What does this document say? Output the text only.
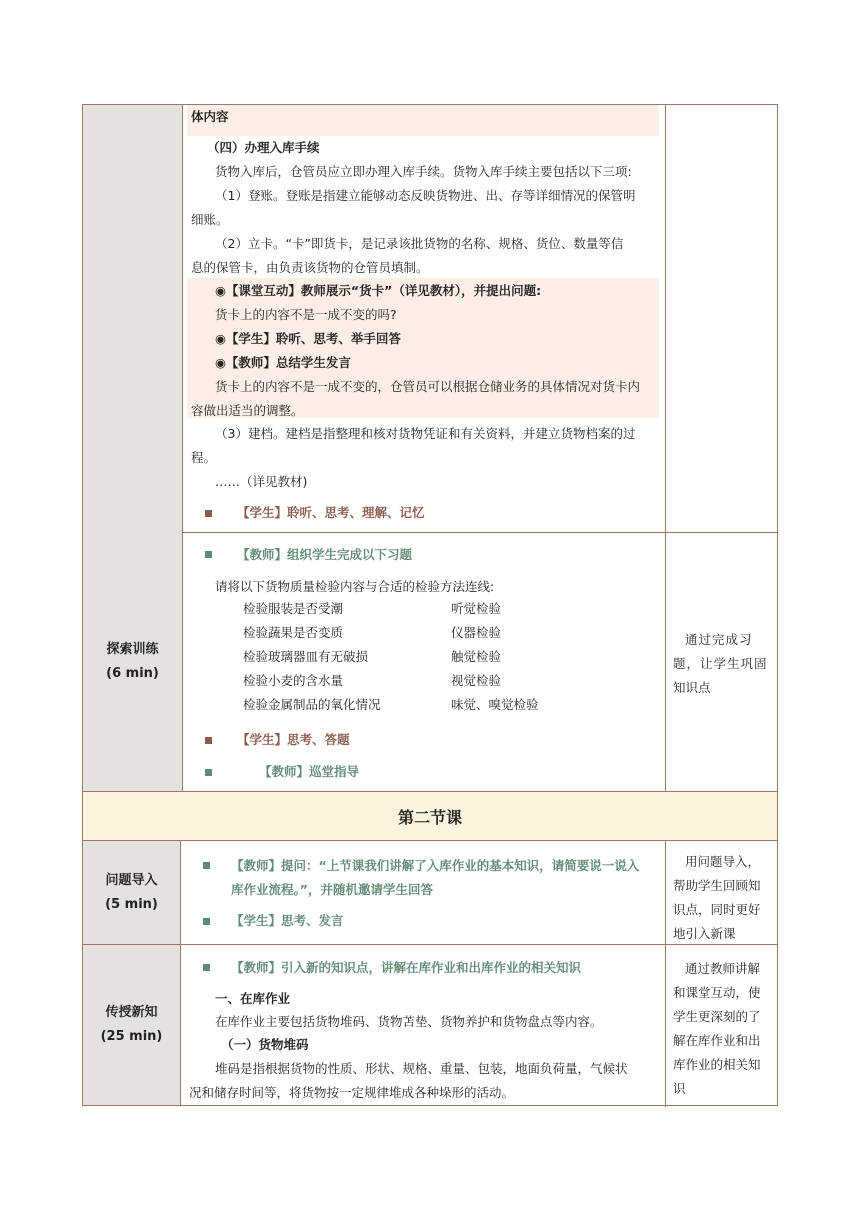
体内容
（四）办理入库手续
货物入库后，仓管员应立即办理入库手续。货物入库手续主要包括以下三项:
（1）登账。登账是指建立能够动态反映货物进、出、存等详细情况的保管明
细账。
（2）立卡。“卡”即货卡，是记录该批货物的名称、规格、货位、数量等信
息的保管卡，由负责该货物的仓管员填制。
◉【课堂互动】教师展示“货卡”（详见教材），并提出问题:
货卡上的内容不是一成不变的吗?
◉【学生】聆听、思考、举手回答
◉【教师】总结学生发言
货卡上的内容不是一成不变的，仓管员可以根据仓储业务的具体情况对货卡内
容做出适当的调整。
（3）建档。建档是指整理和核对货物凭证和有关资料，并建立货物档案的过
程。
……（详见教材)
【学生】聆听、思考、理解、记忆
探索训练
(6 min)
【教师】组织学生完成以下习题
请将以下货物质量检验内容与合适的检验方法连线:
检验服装是否受潮
检验蔬果是否变质
检验玻璃器皿有无破损
检验小麦的含水量
检验金属制品的氧化情况
听觉检验
仪器检验
触觉检验
视觉检验
味觉、嗅觉检验
【学生】思考、答题
【教师】巡堂指导
通过完成习
题，让学生巩固
知识点
第二节课
问题导入
(5 min)
【教师】提问：“上节课我们讲解了入库作业的基本知识，请简要说一说入
库作业流程。”，并随机邀请学生回答
【学生】思考、发言
用问题导入，
帮助学生回顾知
识点，同时更好
地引入新课
传授新知
(25 min)
【教师】引入新的知识点，讲解在库作业和出库作业的相关知识
一、在库作业
在库作业主要包括货物堆码、货物苫垫、货物养护和货物盘点等内容。
（一）货物堆码
堆码是指根据货物的性质、形状、规格、重量、包装，地面负荷量，气候状
况和储存时间等，将货物按一定规律堆成各种垛形的活动。
通过教师讲解
和课堂互动，使
学生更深刻的了
解在库作业和出
库作业的相关知
识
